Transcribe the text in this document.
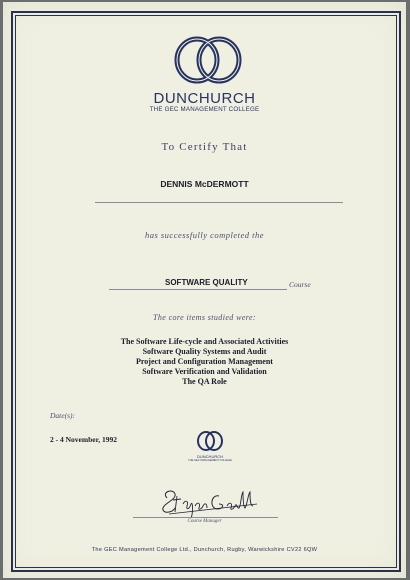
DUNCHURCH
THE GEC MANAGEMENT COLLEGE
To Certify That
DENNIS McDERMOTT
has successfully completed the
SOFTWARE QUALITY	Course
The core items studied were:
The Software Life-cycle and Associated Activities
Software Quality Systems and Audit
Project and Configuration Management
Software Verification and Validation
The QA Role
Date(s):
2 - 4 November, 1992
DUNCHURCH
THE GEC MANAGEMENT COLLEGE
Course Manager
The GEC Management College Ltd., Dunchurch, Rugby, Warwickshire CV22 6QW
